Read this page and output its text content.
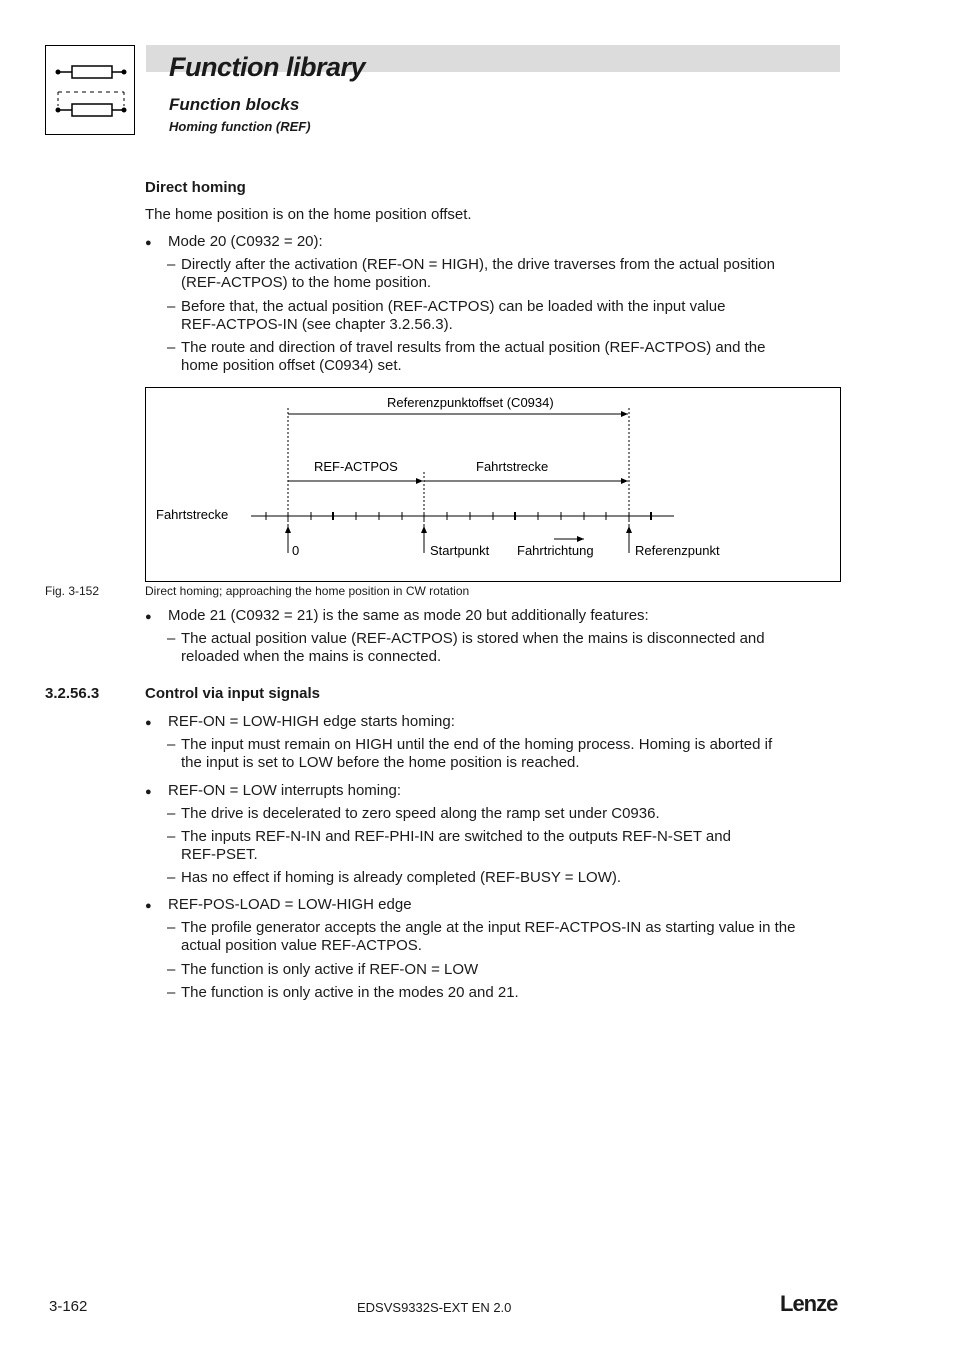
Function library
Function blocks
Homing function (REF)
Direct homing
The home position is on the home position offset.
● Mode 20 (C0932 = 20):
– Directly after the activation (REF-ON = HIGH), the drive traverses from the actual position
(REF-ACTPOS) to the home position.
– Before that, the actual position (REF-ACTPOS) can be loaded with the input value
REF-ACTPOS-IN (see chapter 3.2.56.3).
– The route and direction of travel results from the actual position (REF-ACTPOS) and the
home position offset (C0934) set.
Referenzpunktoffset (C0934)
REF-ACTPOS	Fahrtstrecke
Fahrtstrecke
0	Startpunkt Fahrtrichtung	Referenzpunkt
Fig. 3-152	Direct homing; approaching the home position in CW rotation
● Mode 21 (C0932 = 21) is the same as mode 20 but additionally features:
– The actual position value (REF-ACTPOS) is stored when the mains is disconnected and
reloaded when the mains is connected.
3.2.56.3	Control via input signals
● REF-ON = LOW-HIGH edge starts homing:
– The input must remain on HIGH until the end of the homing process. Homing is aborted if
the input is set to LOW before the home position is reached.
● REF-ON = LOW interrupts homing:
– The drive is decelerated to zero speed along the ramp set under C0936.
– The inputs REF-N-IN and REF-PHI-IN are switched to the outputs REF-N-SET and
REF-PSET.
– Has no effect if homing is already completed (REF-BUSY = LOW).
● REF-POS-LOAD = LOW-HIGH edge
– The profile generator accepts the angle at the input REF-ACTPOS-IN as starting value in the
actual position value REF-ACTPOS.
– The function is only active if REF-ON = LOW
– The function is only active in the modes 20 and 21.
3-162	EDSVS9332S-EXT EN 2.0	Lenze
